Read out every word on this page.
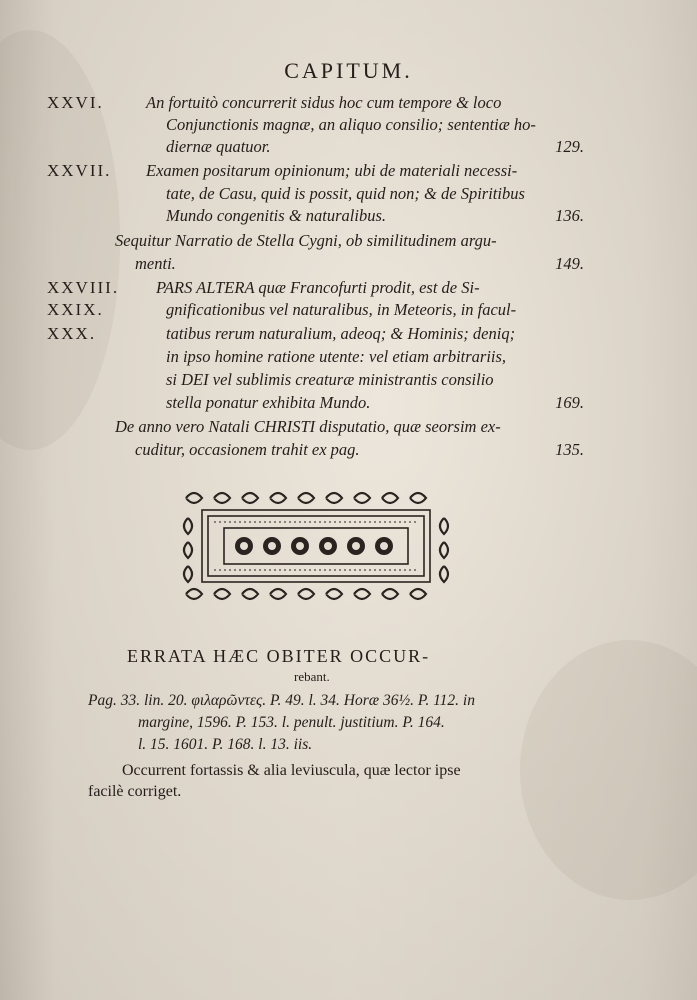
CAPITUM.
XXVI.	An fortuitò concurrerit sidus hoc cum tempore & loco
Conjunctionis magnæ, an aliquo consilio; sententiæ ho-
diernæ quatuor.	129.
XXVII. Examen positarum opinionum; ubi de materiali necessi-
tate, de Casu, quid is possit, quid non; & de Spiritibus
Mundo congenitis & naturalibus.	136.
Sequitur Narratio de Stella Cygni, ob similitudinem argu-
menti.	149.
XXVIII. PARS ALTERA quæ Francofurti prodit, est de Si-
XXIX.	gnificationibus vel naturalibus, in Meteoris, in facul-
XXX.	tatibus rerum naturalium, adeoq; & Hominis; deniq;
in ipso homine ratione utente: vel etiam arbitrariis,
si DEI vel sublimis creaturæ ministrantis consilio
stella ponatur exhibita Mundo.	169.
De anno vero Natali CHRISTI disputatio, quæ seorsim ex-
cuditur, occasionem trahit ex pag.	135.
ERRATA HÆC OBITER OCCUR-
rebant.
Pag. 33. lin. 20. φιλαρῶντες. P. 49. l. 34. Horæ 36½. P. 112. in
margine, 1596. P. 153. l. penult. justitium. P. 164.
l. 15. 1601. P. 168. l. 13. iis.
Occurrent fortassis & alia leviuscula, quæ lector ipse
facilè corriget.
